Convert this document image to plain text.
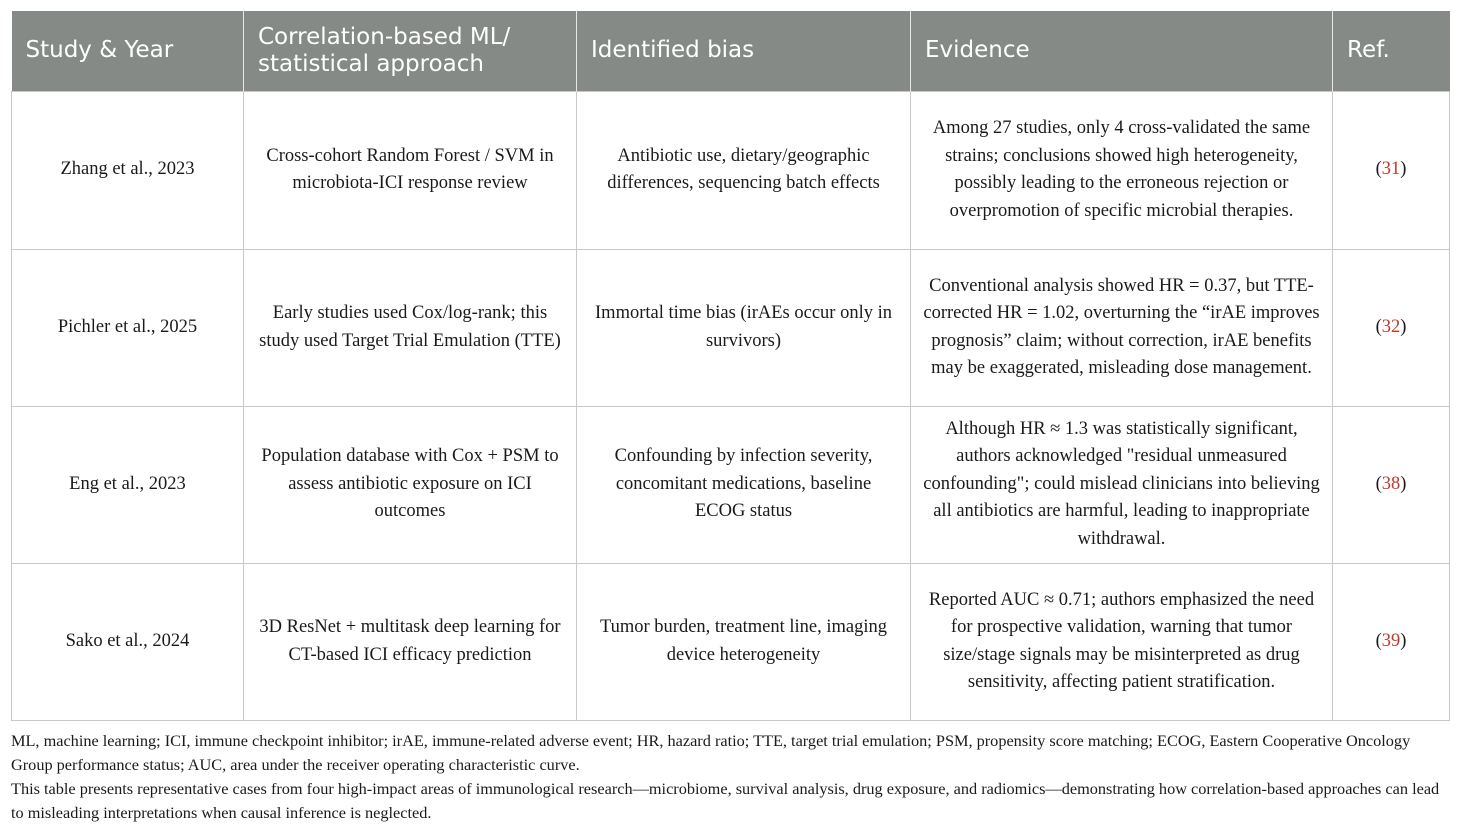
Study & Year	Correlation-based ML/ statistical approach	Identified bias	Evidence	Ref.
Zhang et al., 2023	Cross-cohort Random Forest / SVM in microbiota-ICI response review	Antibiotic use, dietary/geographic differences, sequencing batch effects	Among 27 studies, only 4 cross-validated the same strains; conclusions showed high heterogeneity, possibly leading to the erroneous rejection or overpromotion of specific microbial therapies.	(31)
Pichler et al., 2025	Early studies used Cox/log-rank; this study used Target Trial Emulation (TTE)	Immortal time bias (irAEs occur only in survivors)	Conventional analysis showed HR = 0.37, but TTE-corrected HR = 1.02, overturning the “irAE improves prognosis” claim; without correction, irAE benefits may be exaggerated, misleading dose management.	(32)
Eng et al., 2023	Population database with Cox + PSM to assess antibiotic exposure on ICI outcomes	Confounding by infection severity, concomitant medications, baseline ECOG status	Although HR ≈ 1.3 was statistically significant, authors acknowledged "residual unmeasured confounding"; could mislead clinicians into believing all antibiotics are harmful, leading to inappropriate withdrawal.	(38)
Sako et al., 2024	3D ResNet + multitask deep learning for CT-based ICI efficacy prediction	Tumor burden, treatment line, imaging device heterogeneity	Reported AUC ≈ 0.71; authors emphasized the need for prospective validation, warning that tumor size/stage signals may be misinterpreted as drug sensitivity, affecting patient stratification.	(39)

ML, machine learning; ICI, immune checkpoint inhibitor; irAE, immune-related adverse event; HR, hazard ratio; TTE, target trial emulation; PSM, propensity score matching; ECOG, Eastern Cooperative Oncology Group performance status; AUC, area under the receiver operating characteristic curve.

This table presents representative cases from four high-impact areas of immunological research—microbiome, survival analysis, drug exposure, and radiomics—demonstrating how correlation-based approaches can lead to misleading interpretations when causal inference is neglected.
